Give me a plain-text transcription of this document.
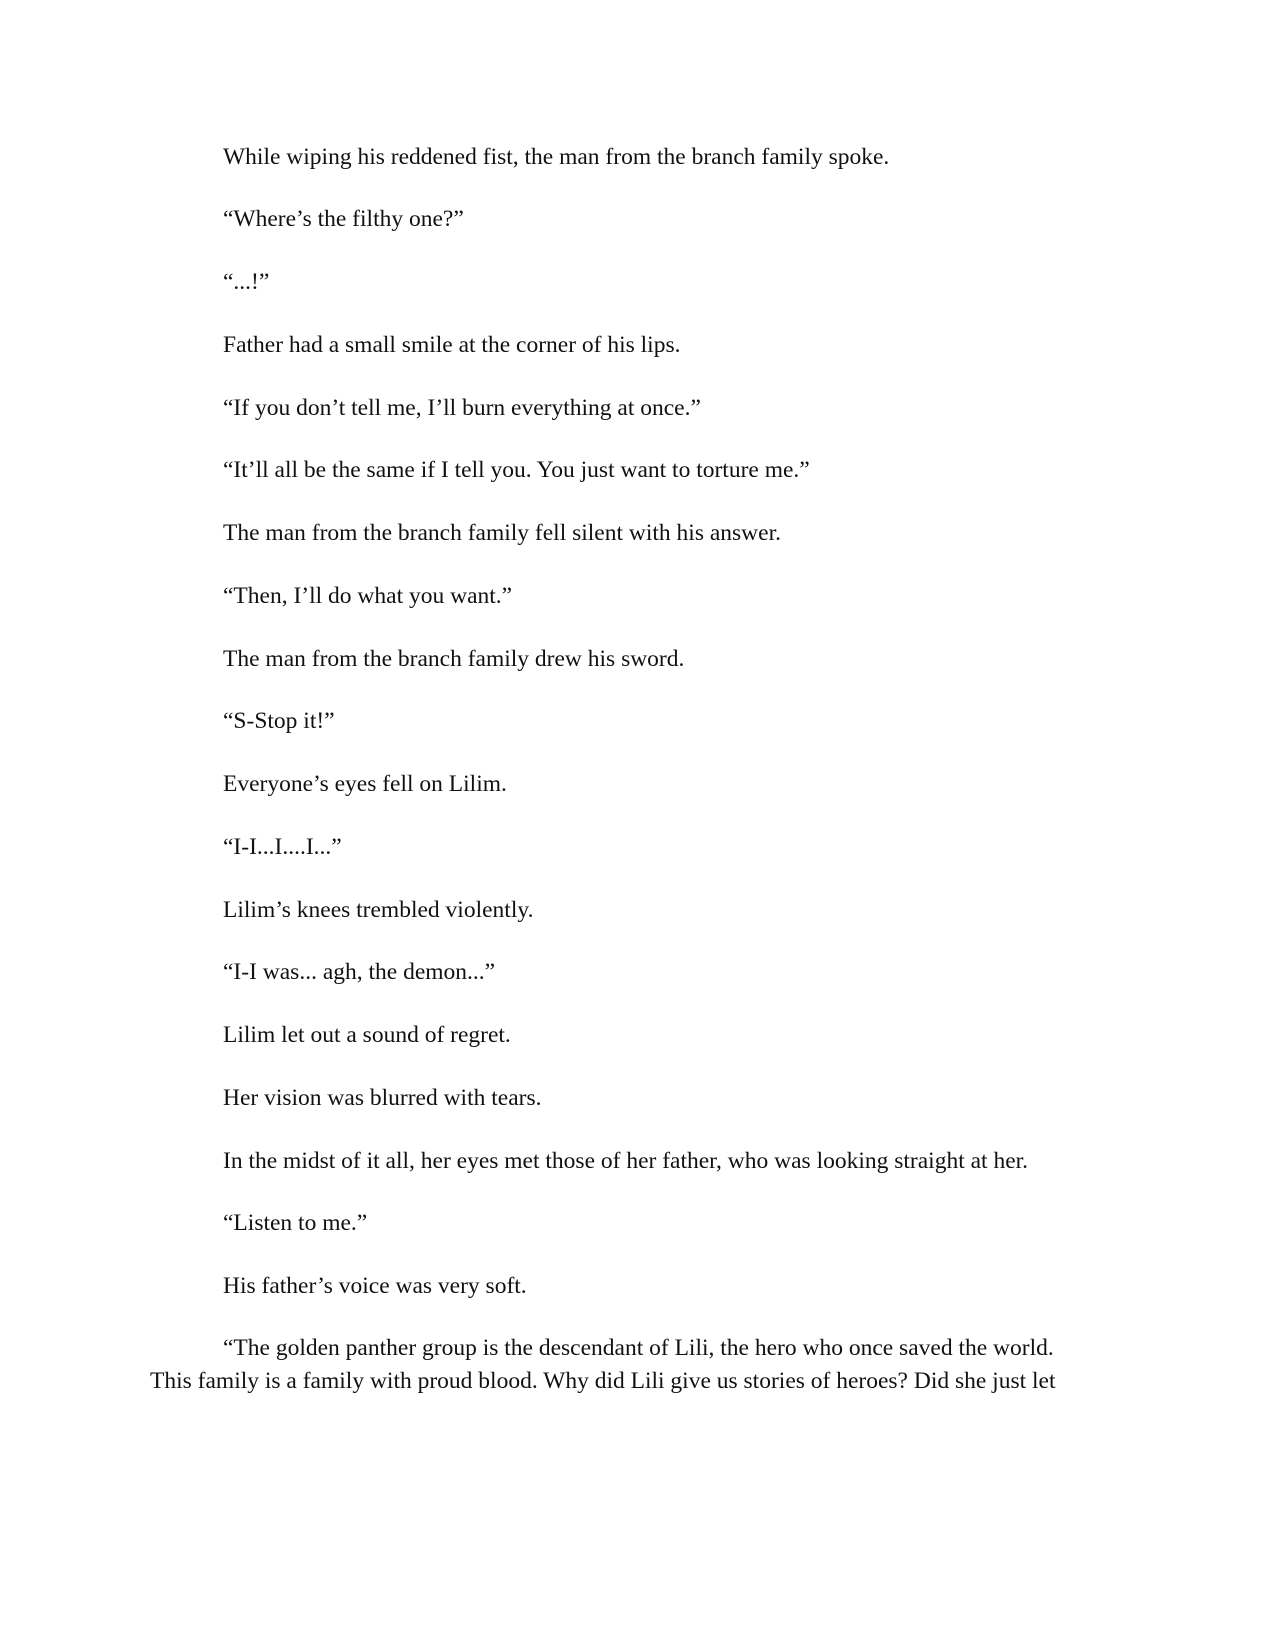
While wiping his reddened fist, the man from the branch family spoke.

“Where’s the filthy one?”

“...!”

Father had a small smile at the corner of his lips.

“If you don’t tell me, I’ll burn everything at once.”

“It’ll all be the same if I tell you. You just want to torture me.”

The man from the branch family fell silent with his answer.

“Then, I’ll do what you want.”

The man from the branch family drew his sword.

“S-Stop it!”

Everyone’s eyes fell on Lilim.

“I-I...I....I...”

Lilim’s knees trembled violently.

“I-I was... agh, the demon...”

Lilim let out a sound of regret.

Her vision was blurred with tears.

In the midst of it all, her eyes met those of her father, who was looking straight at her.

“Listen to me.”

His father’s voice was very soft.

“The golden panther group is the descendant of Lili, the hero who once saved the world.
This family is a family with proud blood. Why did Lili give us stories of heroes? Did she just let
